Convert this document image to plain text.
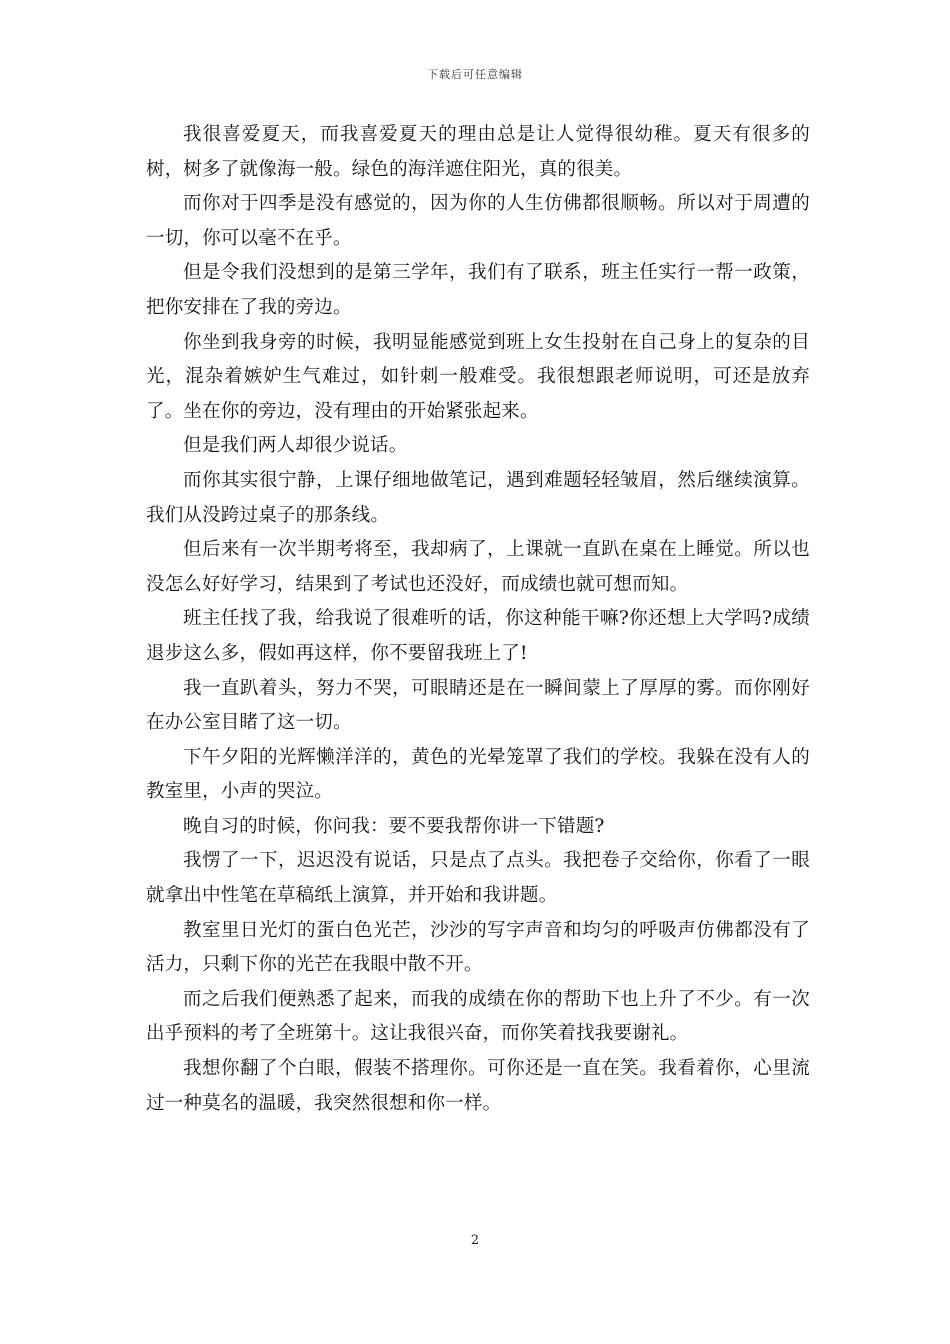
下载后可任意编辑

我很喜爱夏天，而我喜爱夏天的理由总是让人觉得很幼稚。夏天有很多的树，树多了就像海一般。绿色的海洋遮住阳光，真的很美。

而你对于四季是没有感觉的，因为你的人生仿佛都很顺畅。所以对于周遭的一切，你可以毫不在乎。

但是令我们没想到的是第三学年，我们有了联系，班主任实行一帮一政策，把你安排在了我的旁边。

你坐到我身旁的时候，我明显能感觉到班上女生投射在自己身上的复杂的目光，混杂着嫉妒生气难过，如针刺一般难受。我很想跟老师说明，可还是放弃了。坐在你的旁边，没有理由的开始紧张起来。

但是我们两人却很少说话。

而你其实很宁静，上课仔细地做笔记，遇到难题轻轻皱眉，然后继续演算。我们从没跨过桌子的那条线。

但后来有一次半期考将至，我却病了，上课就一直趴在桌在上睡觉。所以也没怎么好好学习，结果到了考试也还没好，而成绩也就可想而知。

班主任找了我，给我说了很难听的话，你这种能干嘛?你还想上大学吗?成绩退步这么多，假如再这样，你不要留我班上了!

我一直趴着头，努力不哭，可眼睛还是在一瞬间蒙上了厚厚的雾。而你刚好在办公室目睹了这一切。

下午夕阳的光辉懒洋洋的，黄色的光晕笼罩了我们的学校。我躲在没有人的教室里，小声的哭泣。

晚自习的时候，你问我：要不要我帮你讲一下错题?

我愣了一下，迟迟没有说话，只是点了点头。我把卷子交给你，你看了一眼就拿出中性笔在草稿纸上演算，并开始和我讲题。

教室里日光灯的蛋白色光芒，沙沙的写字声音和均匀的呼吸声仿佛都没有了活力，只剩下你的光芒在我眼中散不开。

而之后我们便熟悉了起来，而我的成绩在你的帮助下也上升了不少。有一次出乎预料的考了全班第十。这让我很兴奋，而你笑着找我要谢礼。

我想你翻了个白眼，假装不搭理你。可你还是一直在笑。我看着你，心里流过一种莫名的温暖，我突然很想和你一样。

2
